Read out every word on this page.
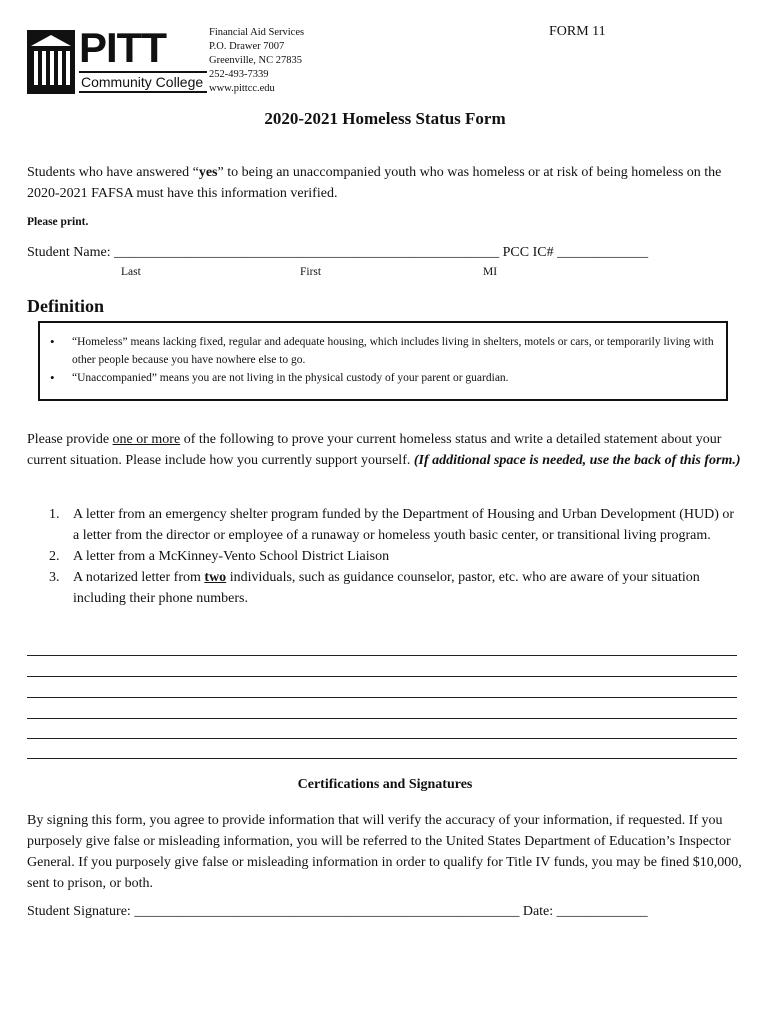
PITT
Community College
Financial Aid Services
P.O. Drawer 7007
Greenville, NC 27835
252-493-7339
www.pittcc.edu
FORM 11
2020-2021 Homeless Status Form
Students who have answered “yes” to being an unaccompanied youth who was homeless or at risk of being homeless on the 2020-2021 FAFSA must have this information verified.
Please print.
Student Name: _______________________________________________________ PCC IC# _____________
Last	First	MI
Definition
• “Homeless” means lacking fixed, regular and adequate housing, which includes living in shelters, motels or cars, or temporarily living with other people because you have nowhere else to go.
• “Unaccompanied” means you are not living in the physical custody of your parent or guardian.
Please provide one or more of the following to prove your current homeless status and write a detailed statement about your current situation. Please include how you currently support yourself. (If additional space is needed, use the back of this form.)
1. A letter from an emergency shelter program funded by the Department of Housing and Urban Development (HUD) or a letter from the director or employee of a runaway or homeless youth basic center, or transitional living program.
2. A letter from a McKinney-Vento School District Liaison
3. A notarized letter from two individuals, such as guidance counselor, pastor, etc. who are aware of your situation including their phone numbers.
Certifications and Signatures
By signing this form, you agree to provide information that will verify the accuracy of your information, if requested. If you purposely give false or misleading information, you will be referred to the United States Department of Education’s Inspector General. If you purposely give false or misleading information in order to qualify for Title IV funds, you may be fined $10,000, sent to prison, or both.
Student Signature: _______________________________________________________ Date: _____________
